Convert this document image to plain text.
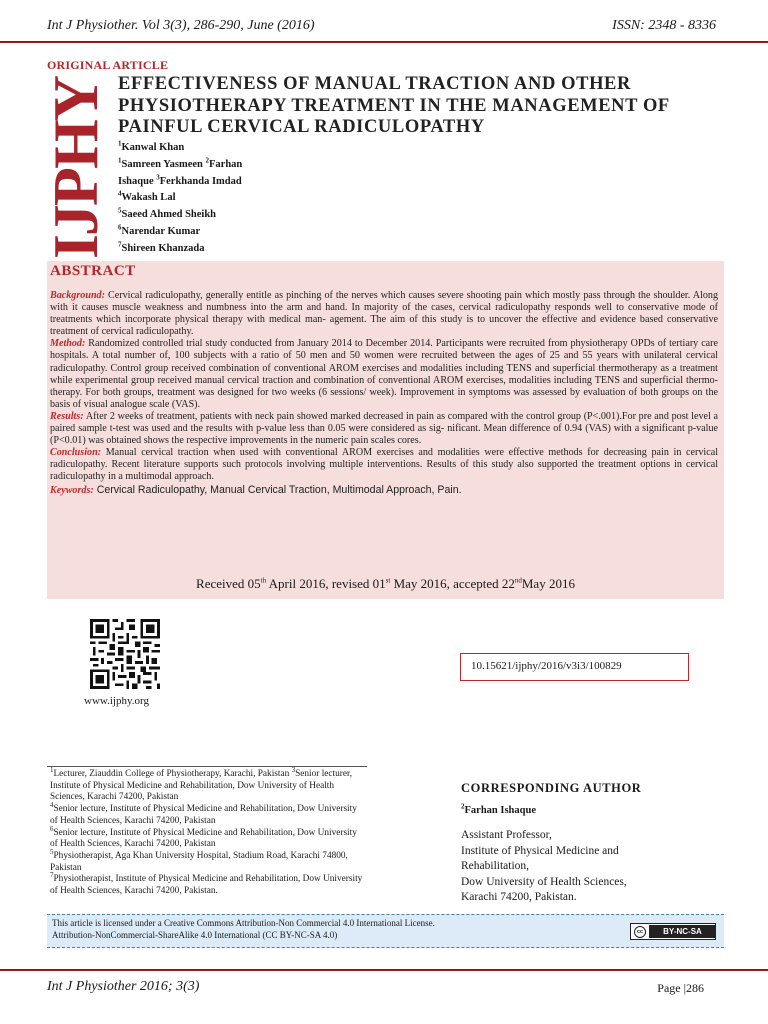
Int J Physiother. Vol 3(3), 286-290, June (2016)	ISSN: 2348 - 8336
ORIGINAL ARTICLE
IJPHY EFFECTIVENESS OF MANUAL TRACTION AND OTHER PHYSIOTHERAPY TREATMENT IN THE MANAGEMENT OF PAINFUL CERVICAL RADICULOPATHY
$^1$Kanwal Khan
$^1$Samreen Yasmeen $^2$Farhan
Ishaque $^3$Ferkhanda Imdad
$^4$Wakash Lal
$^5$Saeed Ahmed Sheikh
$^6$Narendar Kumar
$^7$Shireen Khanzada
ABSTRACT

Background: Cervical radiculopathy, generally entitle as pinching of the nerves which causes severe shooting pain which mostly pass through the shoulder. Along with it causes muscle weakness and numbness into the arm and hand. In majority of the cases, cervical radiculopathy responds well to conservative mode of treatments which incorporate physical therapy with medical man- agement. The aim of this study is to uncover the effective and evidence based conservative treatment of cervical radiculopathy.

Method: Randomized controlled trial study conducted from January 2014 to December 2014. Participants were recruited from physiotherapy OPDs of tertiary care hospitals. A total number of, 100 subjects with a ratio of 50 men and 50 women were recruited between the ages of 25 and 55 years with unilateral cervical radiculopathy. Control group received combination of conventional AROM exercises and modalities including TENS and superficial thermotherapy as a treatment while experimental group received manual cervical traction and combination of conventional AROM exercises, modalities including TENS and superficial thermo- therapy. For both groups, treatment was designed for two weeks (6 sessions/ week). Improvement in symptoms was assessed by evaluation of both groups on the basis of visual analogue scale (VAS).

Results: After 2 weeks of treatment, patients with neck pain showed marked decreased in pain as compared with the control group (P<.001).For pre and post level a paired sample t-test was used and the results with p-value less than 0.05 were considered as sig- nificant. Mean difference of 0.94 (VAS) with a significant p-value (P<0.01) was obtained shows the respective improvements in the numeric pain scales cores.

Conclusion: Manual cervical traction when used with conventional AROM exercises and modalities were effective methods for decreasing pain in cervical radiculopathy. Recent literature supports such protocols involving multiple interventions. Results of this study also supported the treatment options in cervical radiculopathy in a multimodal approach.

Keywords: Cervical Radiculopathy, Manual Cervical Traction, Multimodal Approach, Pain.

Received 05th April 2016, revised 01st May 2016, accepted 22ndMay 2016
www.ijphy.org
10.15621/ijphy/2016/v3i3/100829
$^1$Lecturer, Ziauddin College of Physiotherapy, Karachi, Pakistan $^3$Senior lecturer, Institute of Physical Medicine and Rehabilitation, Dow University of Health Sciences, Karachi 74200, Pakistan
$^4$Senior lecture, Institute of Physical Medicine and Rehabilitation, Dow University of Health Sciences, Karachi 74200, Pakistan
$^6$Senior lecture, Institute of Physical Medicine and Rehabilitation, Dow University of Health Sciences, Karachi 74200, Pakistan
$^5$Physiotherapist, Aga Khan University Hospital, Stadium Road, Karachi 74800, Pakistan
$^7$Physiotherapist, Institute of Physical Medicine and Rehabilitation, Dow University of Health Sciences, Karachi 74200, Pakistan.
CORRESPONDING AUTHOR
$^2$Farhan Ishaque
Assistant Professor,
Institute of Physical Medicine and
Rehabilitation,
Dow University of Health Sciences,
Karachi 74200, Pakistan.
This article is licensed under a Creative Commons Attribution-Non Commercial 4.0 International License. Attribution-NonCommercial-ShareAlike 4.0 International (CC BY-NC-SA 4.0)	cc	BY-NC-SA
Int J Physiother 2016; 3(3)	Page |286
